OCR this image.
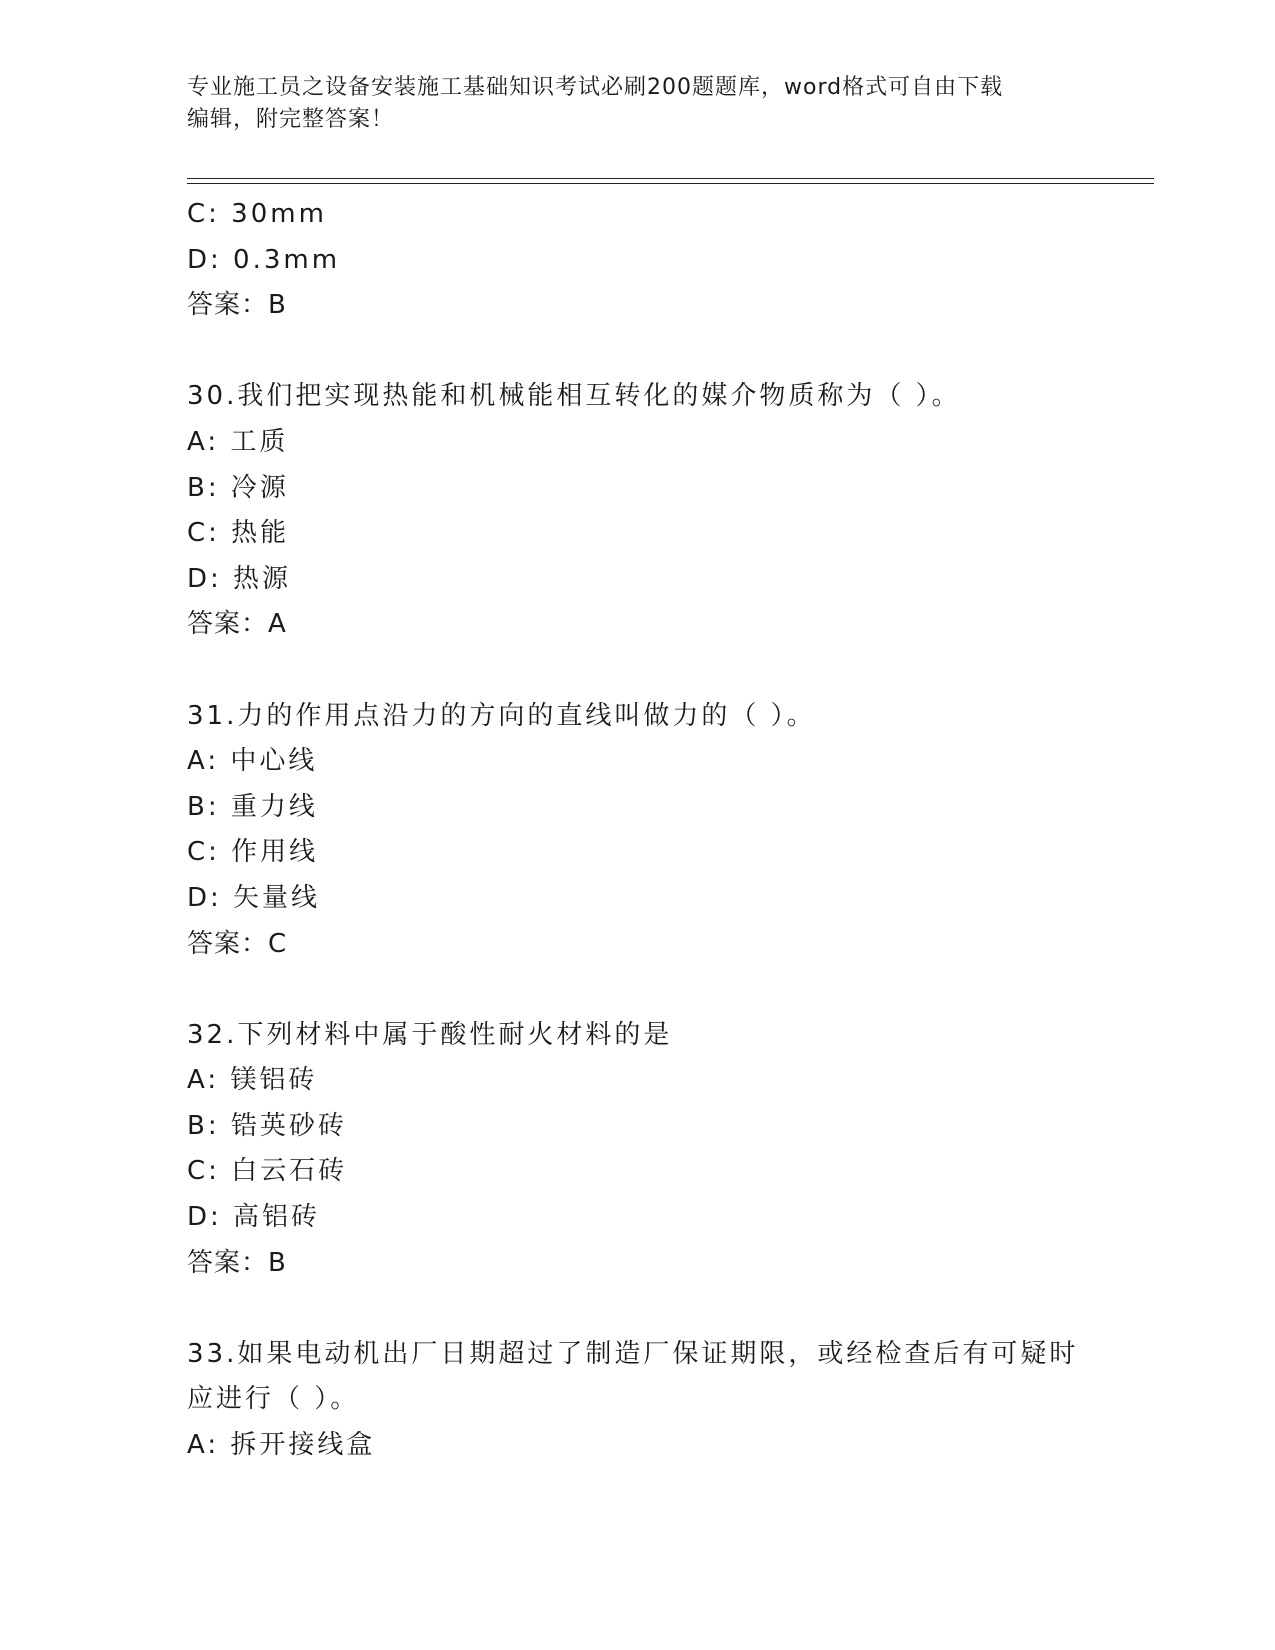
专业施工员之设备安装施工基础知识考试必刷200题题库，word格式可自由下载
编辑，附完整答案！
C: 30mm
D: 0.3mm
答案：B
30.我们把实现热能和机械能相互转化的媒介物质称为（ ）。
A: 工质
B: 冷源
C: 热能
D: 热源
答案：A
31.力的作用点沿力的方向的直线叫做力的（ ）。
A: 中心线
B: 重力线
C: 作用线
D: 矢量线
答案：C
32.下列材料中属于酸性耐火材料的是
A: 镁铝砖
B: 锆英砂砖
C: 白云石砖
D: 高铝砖
答案：B
33.如果电动机出厂日期超过了制造厂保证期限，或经检查后有可疑时
应进行（ ）。
A: 拆开接线盒
